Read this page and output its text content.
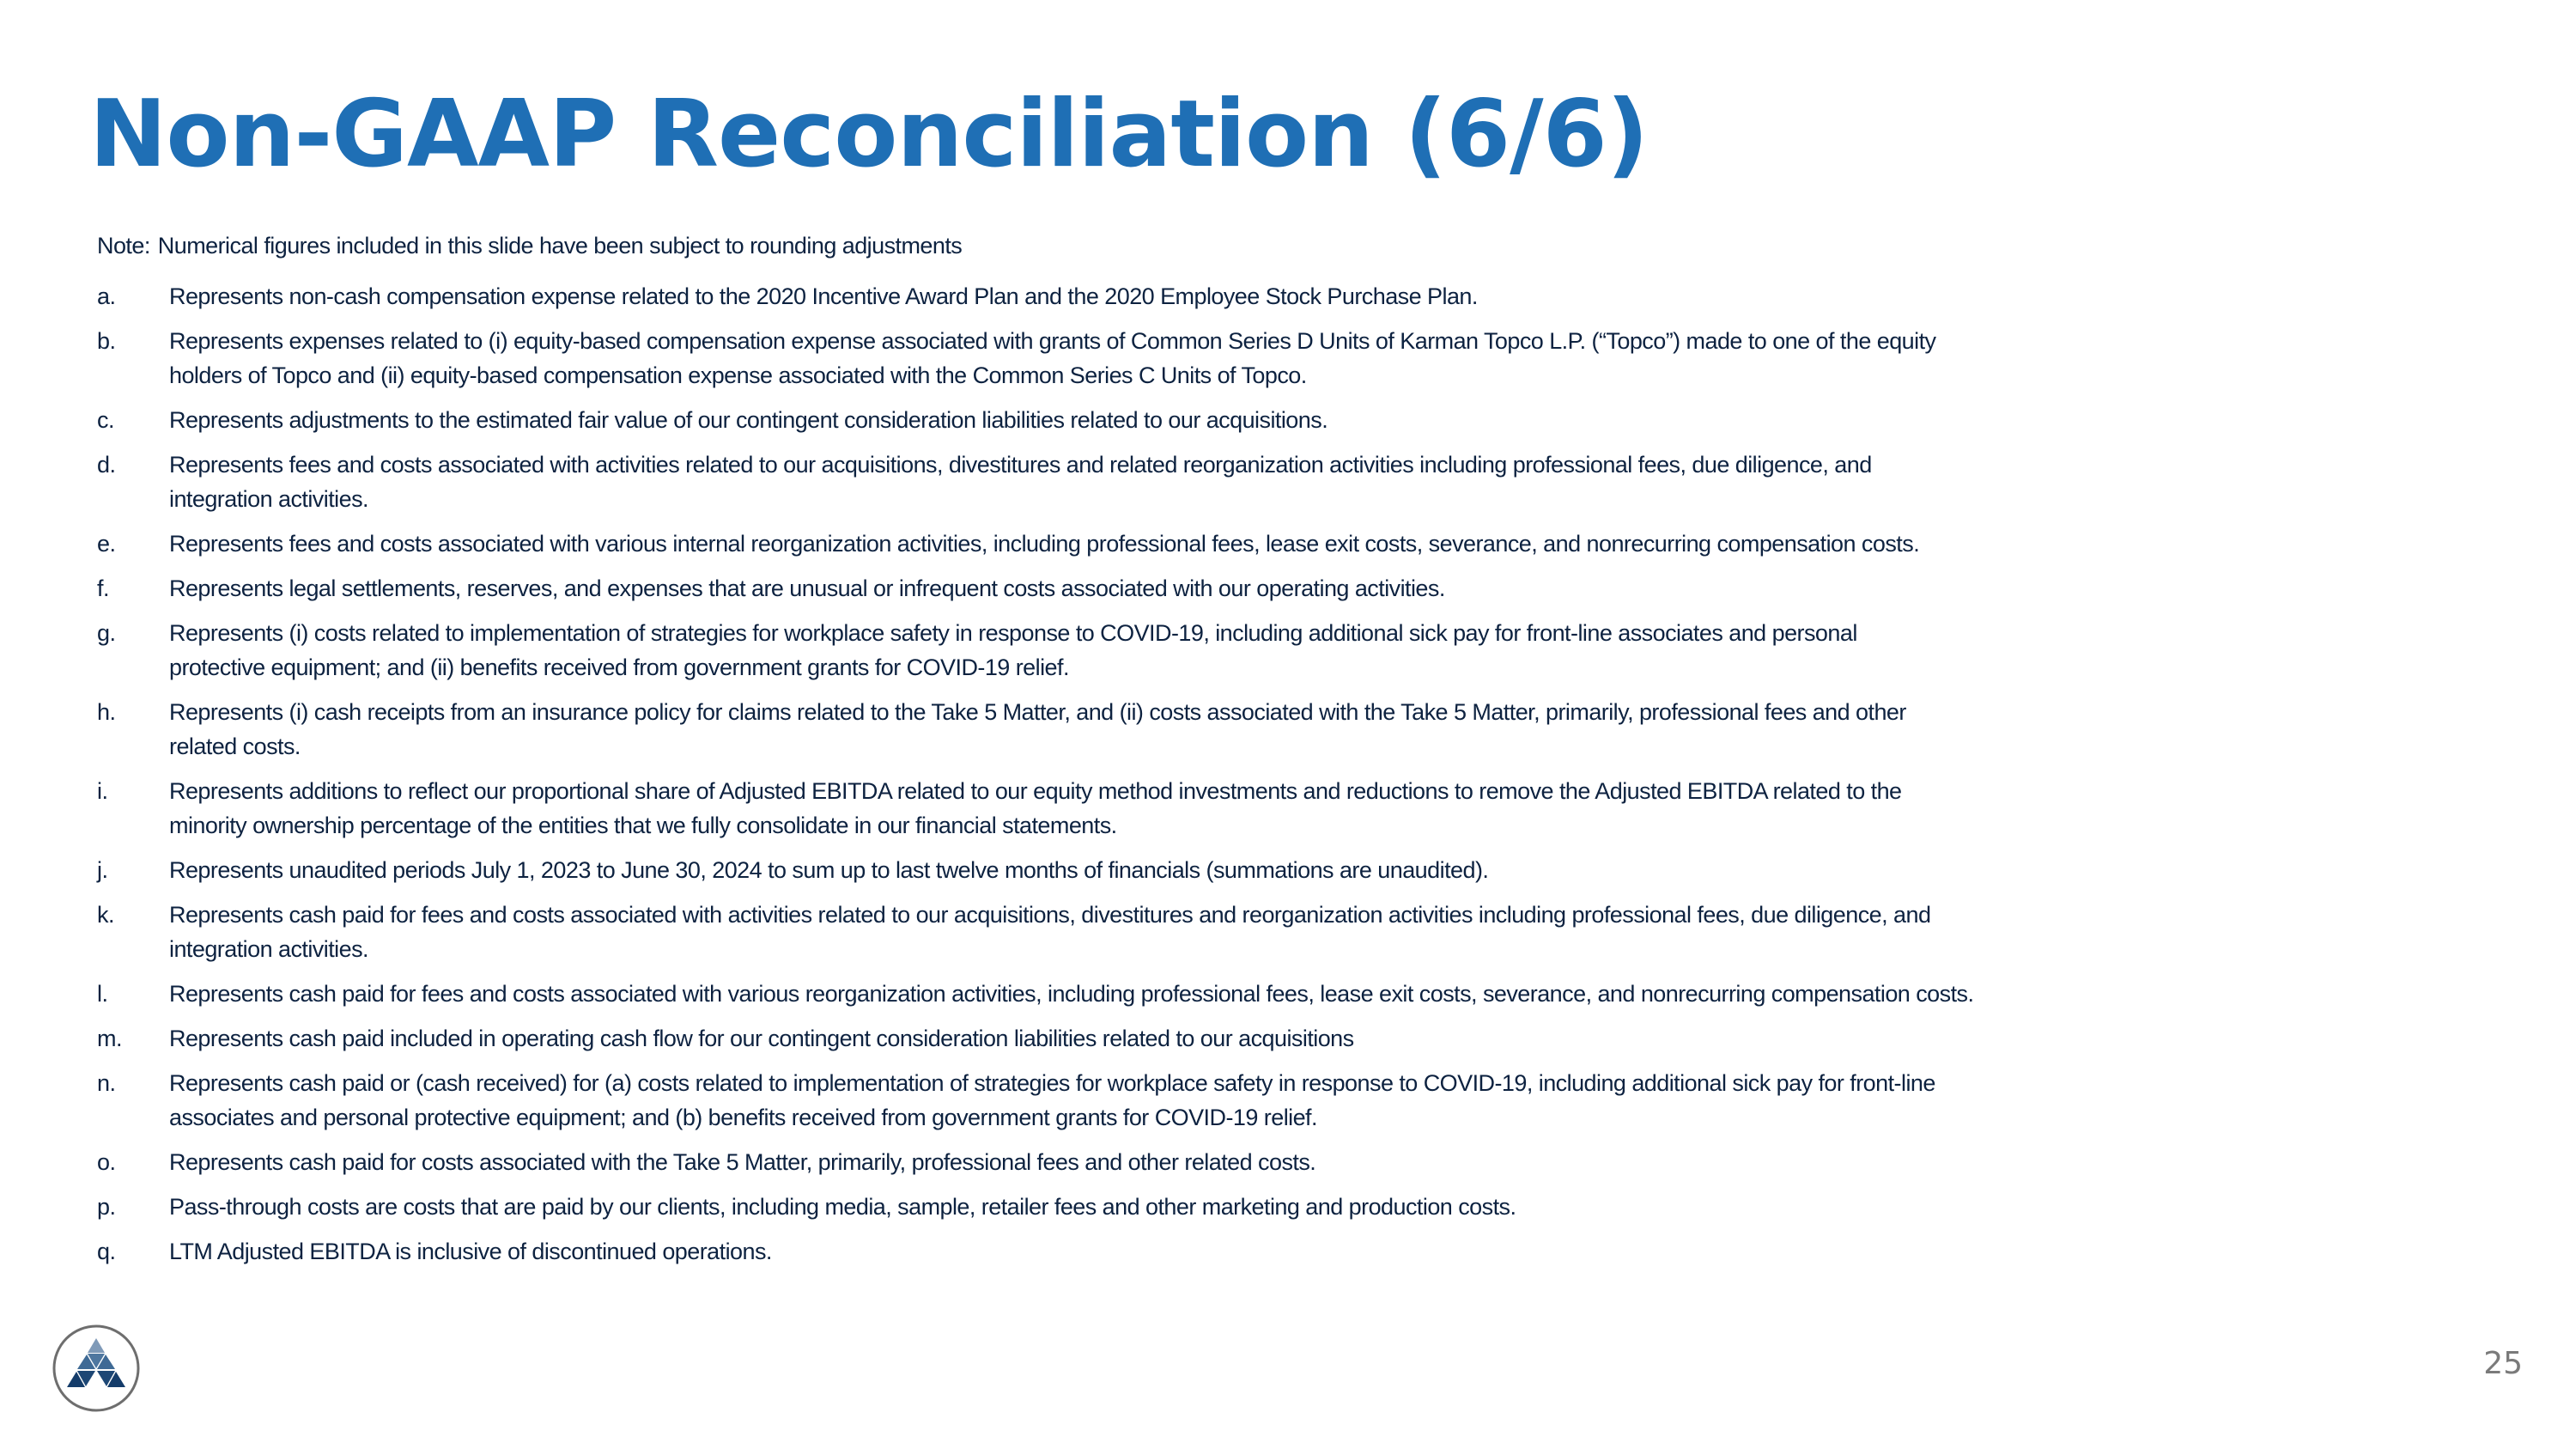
Non-GAAP Reconciliation (6/6)
Note: Numerical figures included in this slide have been subject to rounding adjustments
a.	Represents non-cash compensation expense related to the 2020 Incentive Award Plan and the 2020 Employee Stock Purchase Plan.
b.	Represents expenses related to (i) equity-based compensation expense associated with grants of Common Series D Units of Karman Topco L.P. (“Topco”) made to one of the equity
holders of Topco and (ii) equity-based compensation expense associated with the Common Series C Units of Topco.
c.	Represents adjustments to the estimated fair value of our contingent consideration liabilities related to our acquisitions.
d.	Represents fees and costs associated with activities related to our acquisitions, divestitures and related reorganization activities including professional fees, due diligence, and
integration activities.
e.	Represents fees and costs associated with various internal reorganization activities, including professional fees, lease exit costs, severance, and nonrecurring compensation costs.
f.	Represents legal settlements, reserves, and expenses that are unusual or infrequent costs associated with our operating activities.
g.	Represents (i) costs related to implementation of strategies for workplace safety in response to COVID-19, including additional sick pay for front-line associates and personal
protective equipment; and (ii) benefits received from government grants for COVID-19 relief.
h.	Represents (i) cash receipts from an insurance policy for claims related to the Take 5 Matter, and (ii) costs associated with the Take 5 Matter, primarily, professional fees and other
related costs.
i.	Represents additions to reflect our proportional share of Adjusted EBITDA related to our equity method investments and reductions to remove the Adjusted EBITDA related to the
minority ownership percentage of the entities that we fully consolidate in our financial statements.
j.	Represents unaudited periods July 1, 2023 to June 30, 2024 to sum up to last twelve months of financials (summations are unaudited).
k.	Represents cash paid for fees and costs associated with activities related to our acquisitions, divestitures and reorganization activities including professional fees, due diligence, and
integration activities.
l.	Represents cash paid for fees and costs associated with various reorganization activities, including professional fees, lease exit costs, severance, and nonrecurring compensation costs.
m.	Represents cash paid included in operating cash flow for our contingent consideration liabilities related to our acquisitions
n.	Represents cash paid or (cash received) for (a) costs related to implementation of strategies for workplace safety in response to COVID-19, including additional sick pay for front-line
associates and personal protective equipment; and (b) benefits received from government grants for COVID-19 relief.
o.	Represents cash paid for costs associated with the Take 5 Matter, primarily, professional fees and other related costs.
p.	Pass-through costs are costs that are paid by our clients, including media, sample, retailer fees and other marketing and production costs.
q.	LTM Adjusted EBITDA is inclusive of discontinued operations.
25
